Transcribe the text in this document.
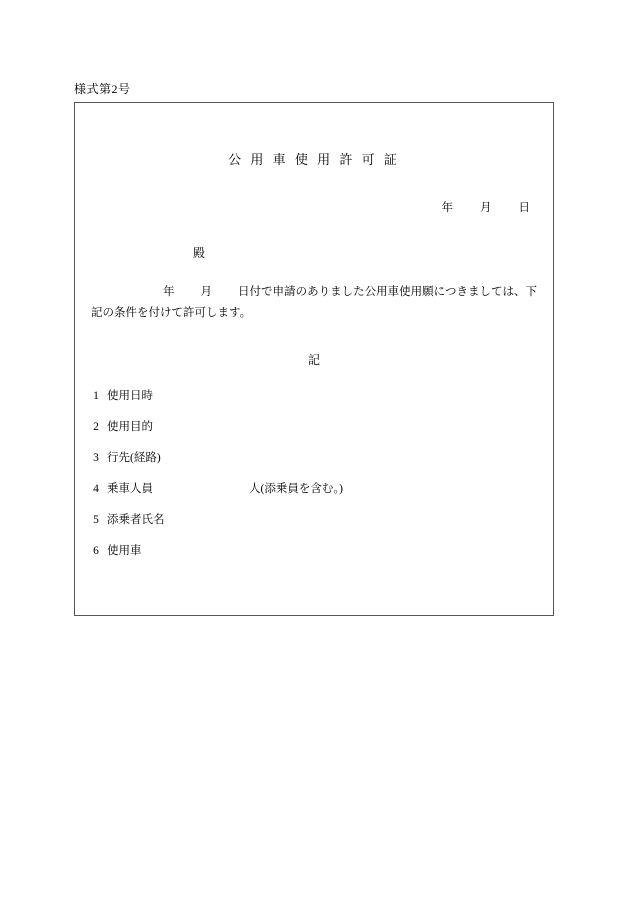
様式第2号
公 用 車 使 用 許 可 証
年 月 日
殿
年 月 日付で申請のありました公用車使用願につきましては、下記の条件を付けて許可します。
記
1 使用日時
2 使用目的
3 行先(経路)
4 乗車人員	人(添乗員を含む。)
5 添乗者氏名
6 使用車
